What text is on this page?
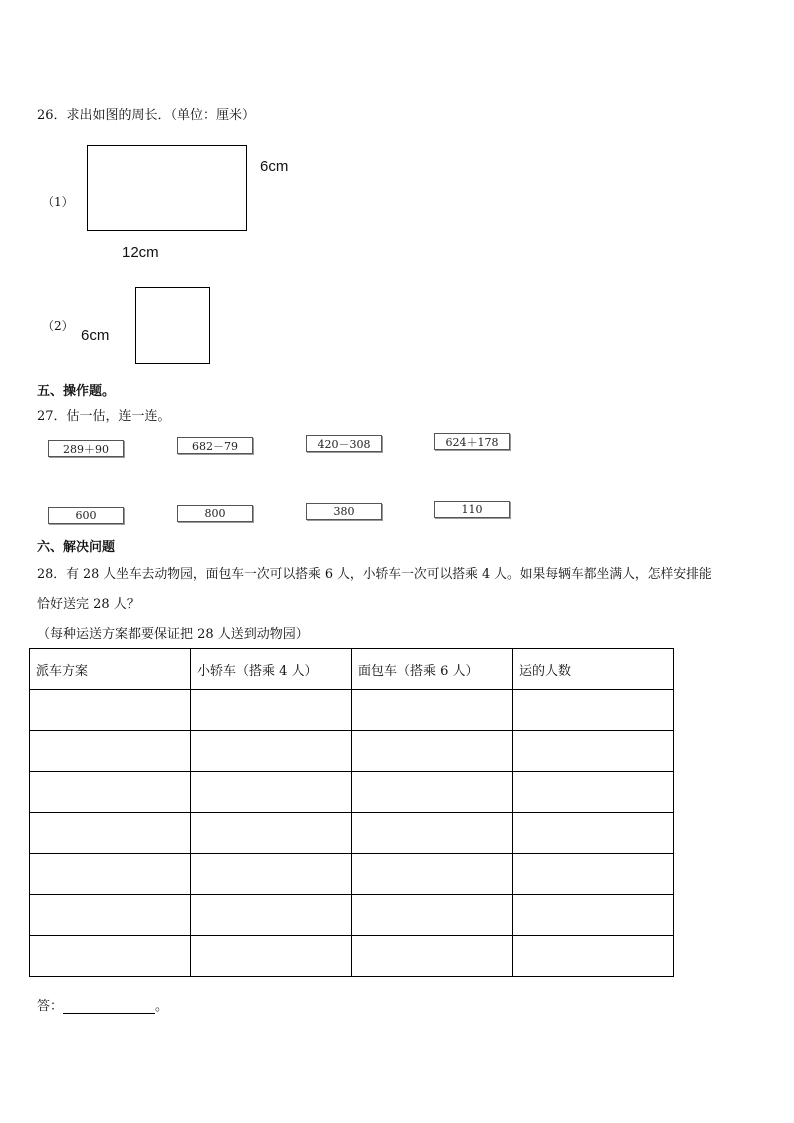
26．求出如图的周长．（单位：厘米）
（1）
6cm
12cm
（2）
6cm
五、操作题。
27．估一估，连一连。
289＋90	682－79	420－308	624＋178
600	800	380	110
六、解决问题
28．有 28 人坐车去动物园，面包车一次可以搭乘 6 人，小轿车一次可以搭乘 4 人。如果每辆车都坐满人，怎样安排能
恰好送完 28 人？
（每种运送方案都要保证把 28 人送到动物园）
派车方案	小轿车（搭乘 4 人）	面包车（搭乘 6 人）	运的人数

答：	。
